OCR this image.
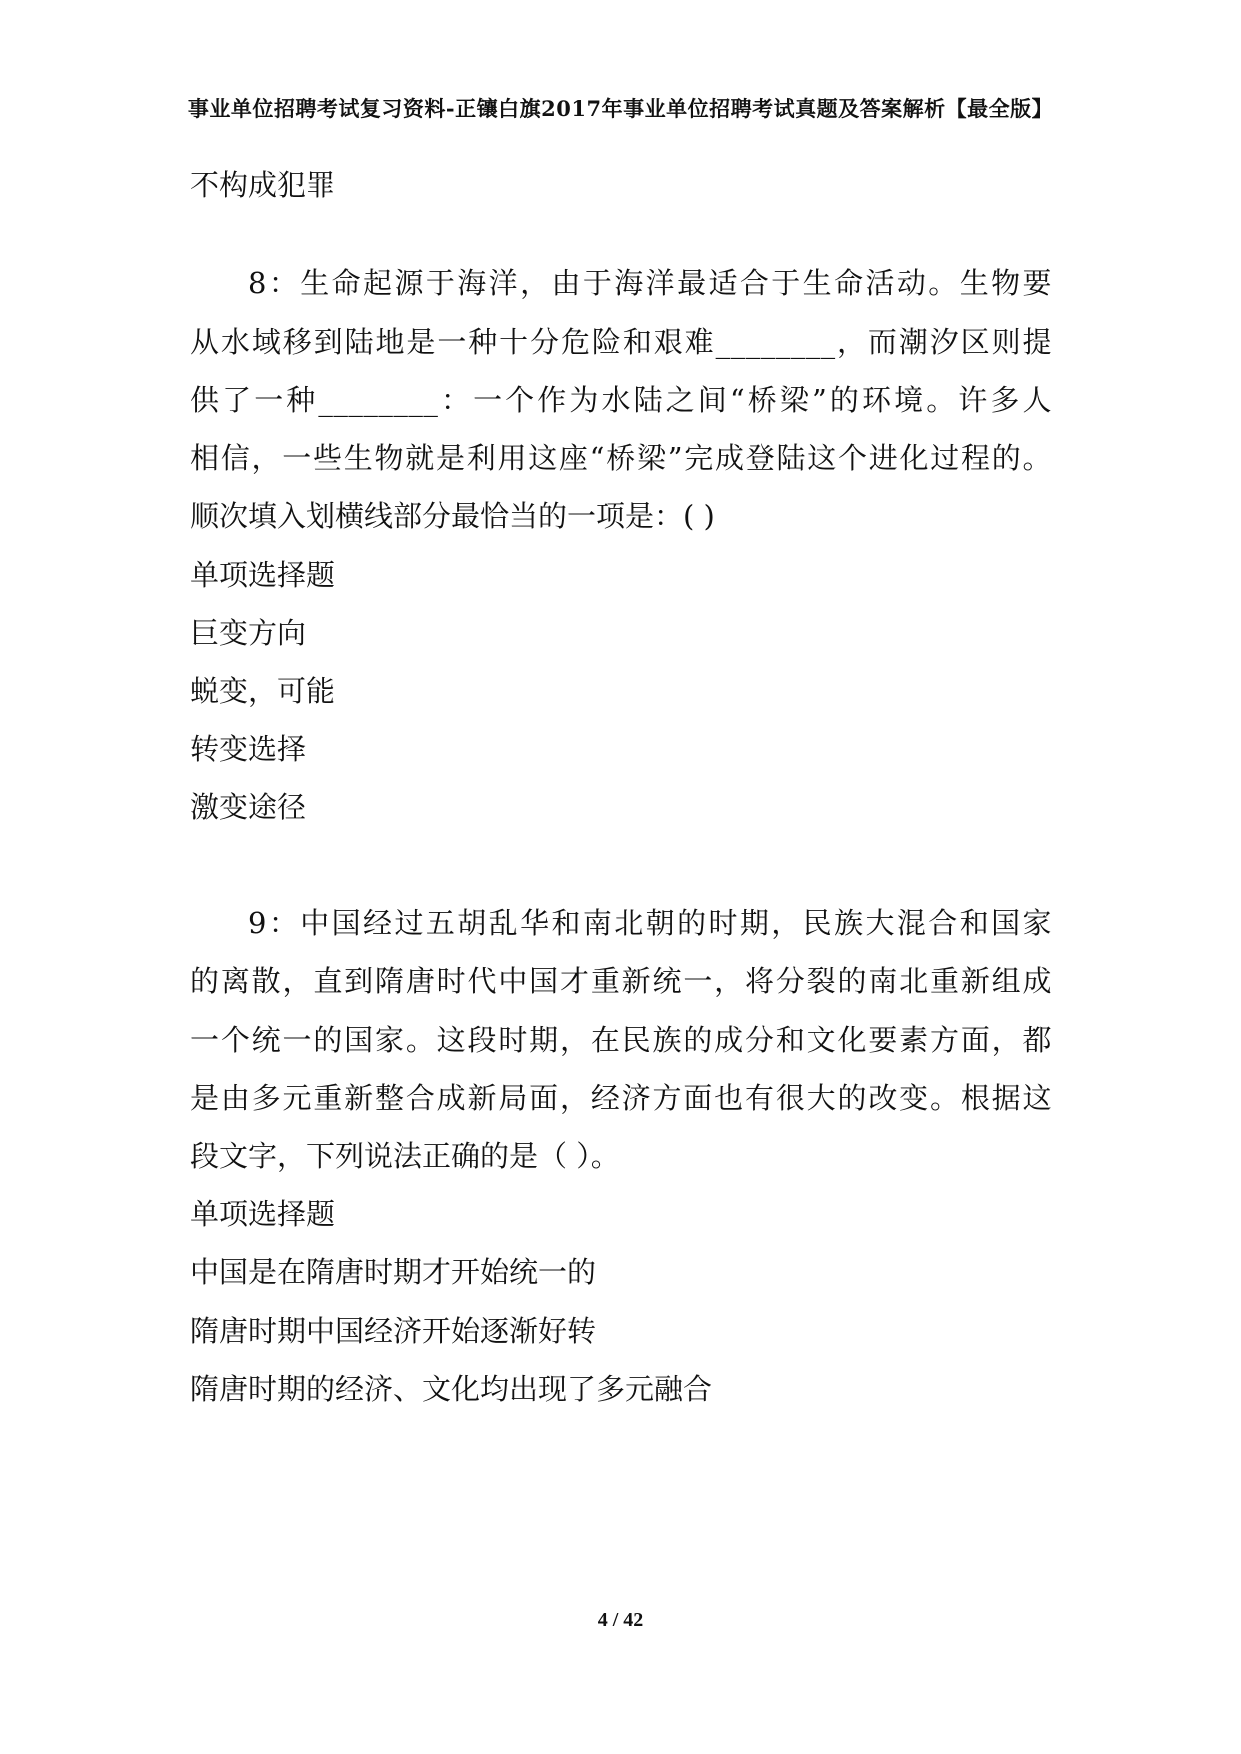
事业单位招聘考试复习资料-正镶白旗2017年事业单位招聘考试真题及答案解析【最全版】
不构成犯罪
8：生命起源于海洋，由于海洋最适合于生命活动。生物要
从水域移到陆地是一种十分危险和艰难________，而潮汐区则提
供了一种________：一个作为水陆之间“桥梁”的环境。许多人
相信，一些生物就是利用这座“桥梁”完成登陆这个进化过程的。
顺次填入划横线部分最恰当的一项是：( )
单项选择题
巨变方向
蜕变，可能
转变选择
激变途径
9：中国经过五胡乱华和南北朝的时期，民族大混合和国家
的离散，直到隋唐时代中国才重新统一，将分裂的南北重新组成
一个统一的国家。这段时期，在民族的成分和文化要素方面，都
是由多元重新整合成新局面，经济方面也有很大的改变。根据这
段文字，下列说法正确的是（ ）。
单项选择题
中国是在隋唐时期才开始统一的
隋唐时期中国经济开始逐渐好转
隋唐时期的经济、文化均出现了多元融合
4 / 42
